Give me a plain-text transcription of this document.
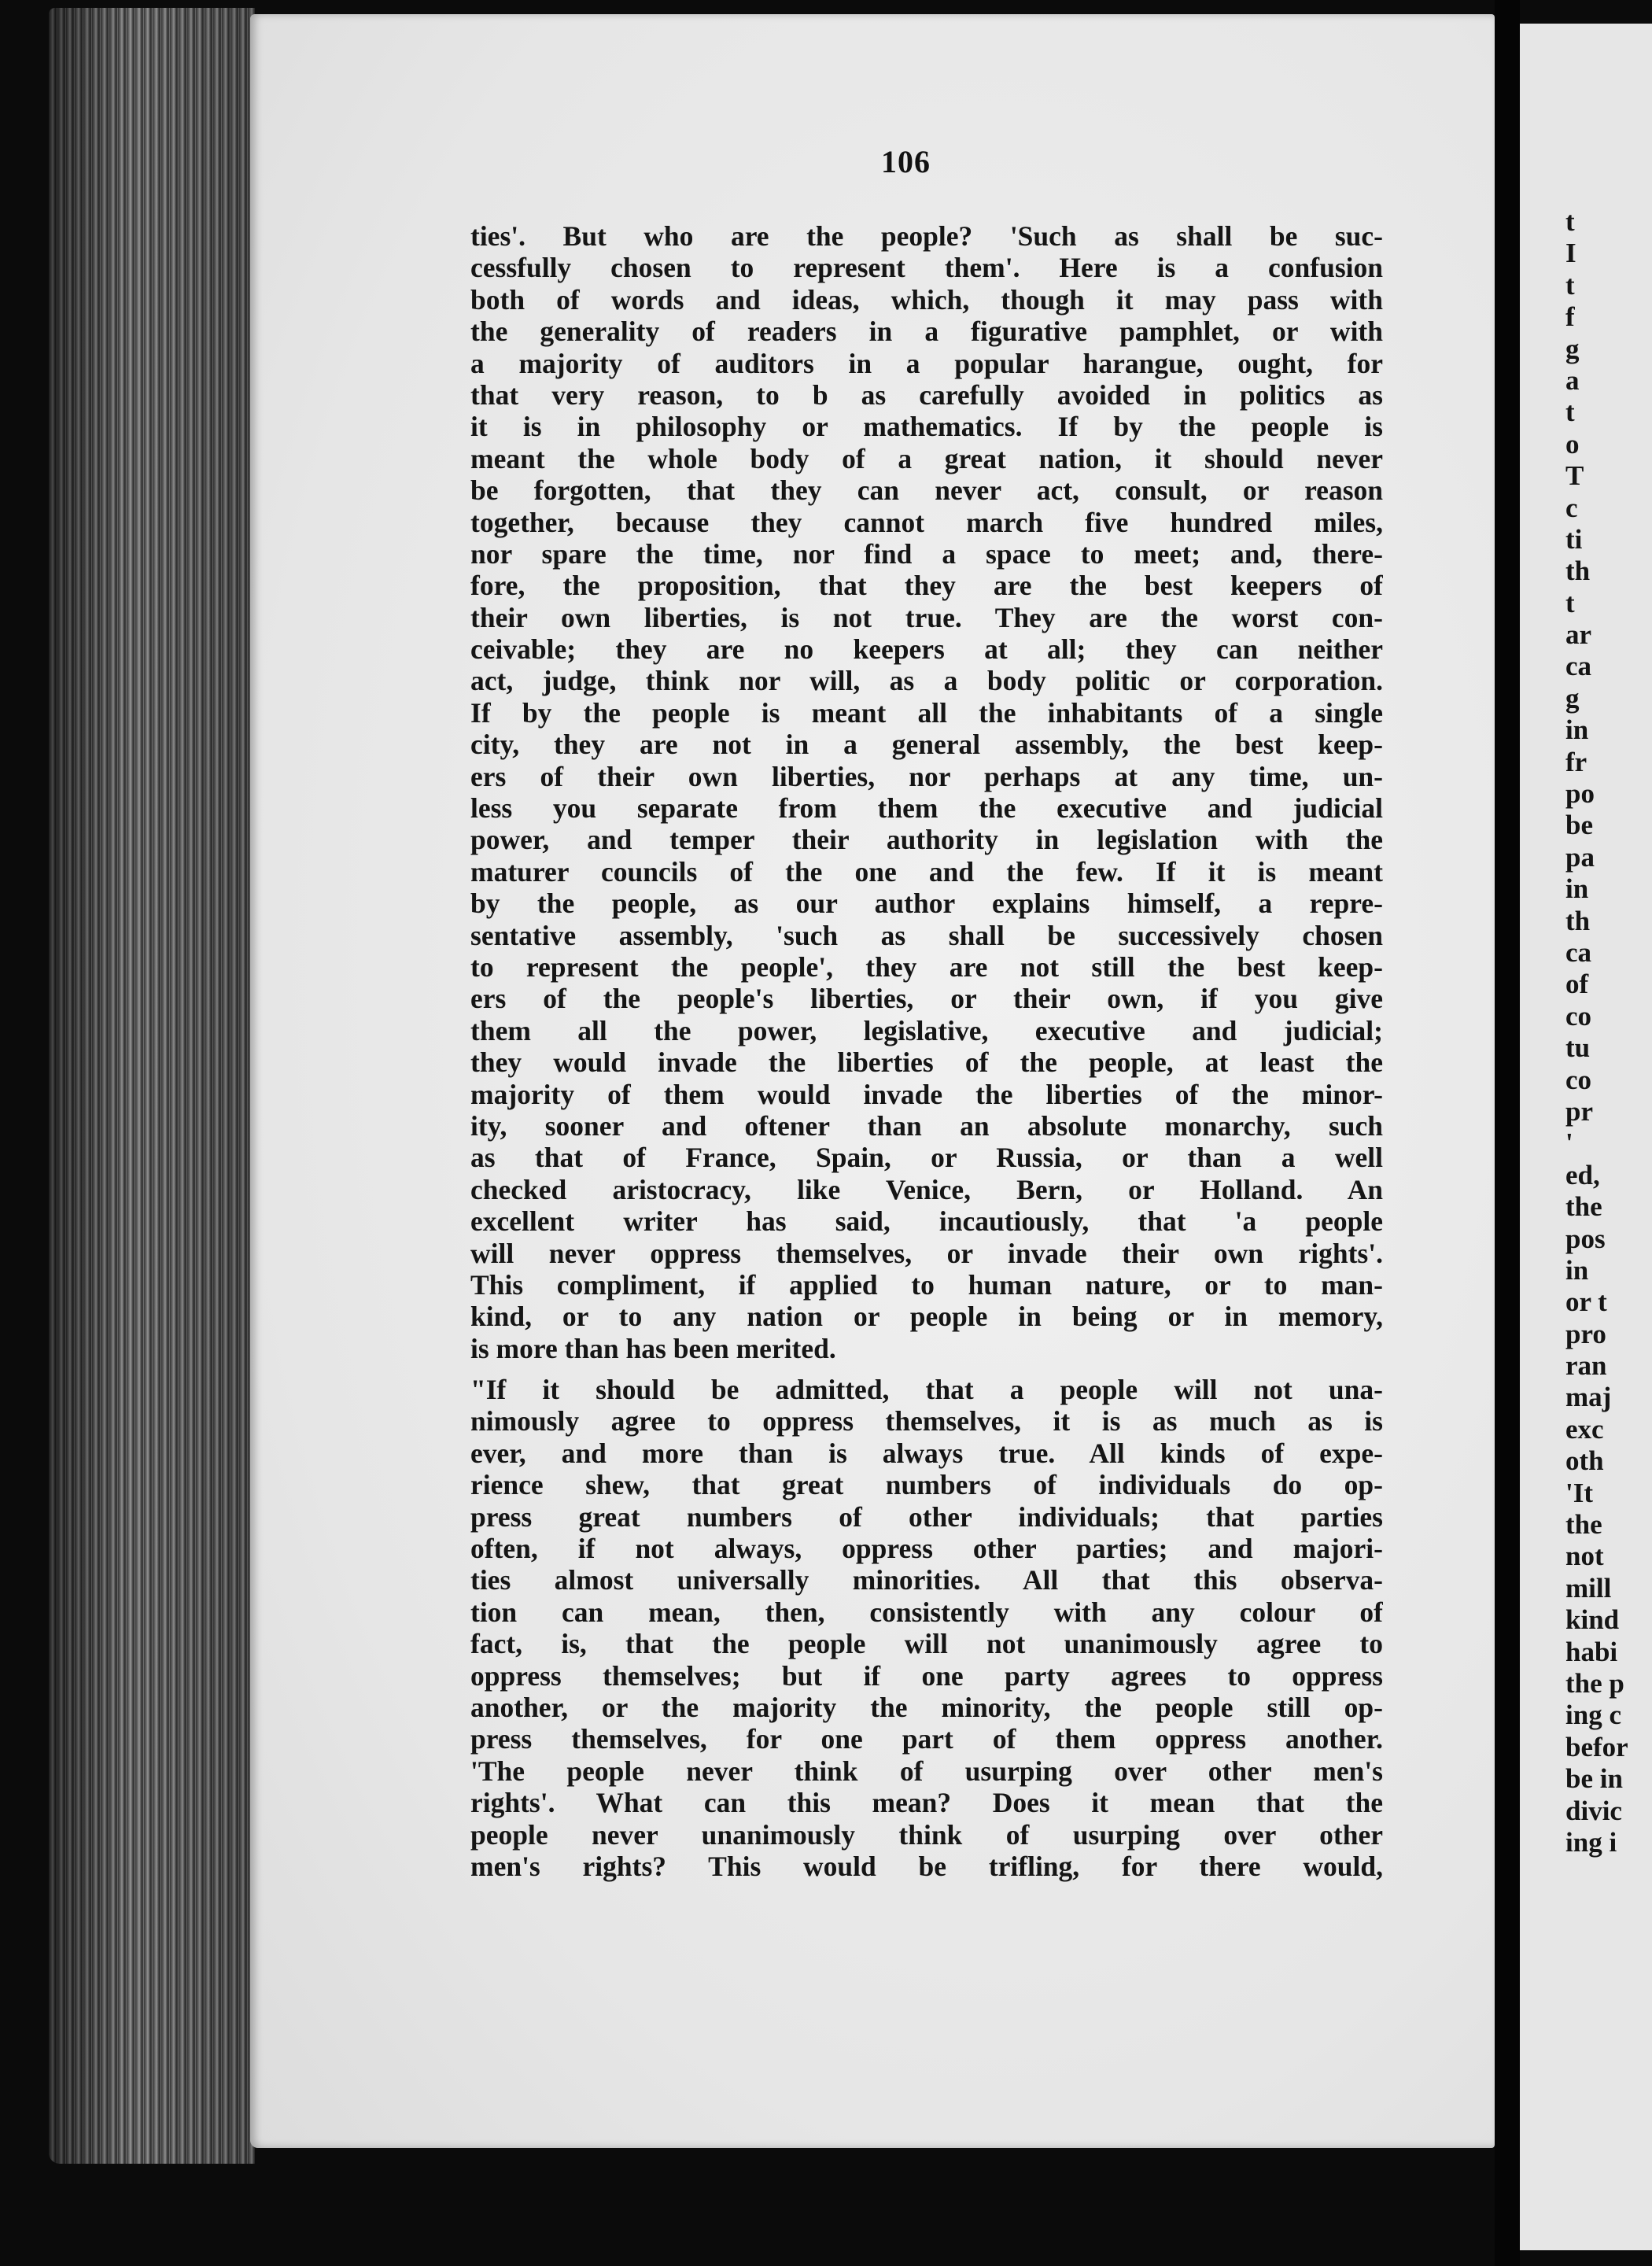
t
I
t
f
g
a
t
o
T
c
ti
th
t
ar
ca
g
in
fr
po
be
pa
in
th
ca
of
co
tu
co
pr
'
ed,
the
pos
in
or t
pro
ran
maj
exc
oth
'It
the
not
mill
kind
habi
the p
ing c
befor
be in
divic
ing i
106
ties'. But who are the people? 'Such as shall be suc-
cessfully chosen to represent them'. Here is a confusion
both of words and ideas, which, though it may pass with
the generality of readers in a figurative pamphlet, or with
a majority of auditors in a popular harangue, ought, for
that very reason, to b as carefully avoided in politics as
it is in philosophy or mathematics. If by the people is
meant the whole body of a great nation, it should never
be forgotten, that they can never act, consult, or reason
together, because they cannot march five hundred miles,
nor spare the time, nor find a space to meet; and, there-
fore, the proposition, that they are the best keepers of
their own liberties, is not true. They are the worst con-
ceivable; they are no keepers at all; they can neither
act, judge, think nor will, as a body politic or corporation.
If by the people is meant all the inhabitants of a single
city, they are not in a general assembly, the best keep-
ers of their own liberties, nor perhaps at any time, un-
less you separate from them the executive and judicial
power, and temper their authority in legislation with the
maturer councils of the one and the few. If it is meant
by the people, as our author explains himself, a repre-
sentative assembly, 'such as shall be successively chosen
to represent the people', they are not still the best keep-
ers of the people's liberties, or their own, if you give
them all the power, legislative, executive and judicial;
they would invade the liberties of the people, at least the
majority of them would invade the liberties of the minor-
ity, sooner and oftener than an absolute monarchy, such
as that of France, Spain, or Russia, or than a well
checked aristocracy, like Venice, Bern, or Holland. An
excellent writer has said, incautiously, that 'a people
will never oppress themselves, or invade their own rights'.
This compliment, if applied to human nature, or to man-
kind, or to any nation or people in being or in memory,
is more than has been merited.
"If it should be admitted, that a people will not una-
nimously agree to oppress themselves, it is as much as is
ever, and more than is always true. All kinds of expe-
rience shew, that great numbers of individuals do op-
press great numbers of other individuals; that parties
often, if not always, oppress other parties; and majori-
ties almost universally minorities. All that this observa-
tion can mean, then, consistently with any colour of
fact, is, that the people will not unanimously agree to
oppress themselves; but if one party agrees to oppress
another, or the majority the minority, the people still op-
press themselves, for one part of them oppress another.
'The people never think of usurping over other men's
rights'. What can this mean? Does it mean that the
people never unanimously think of usurping over other
men's rights? This would be trifling, for there would,
